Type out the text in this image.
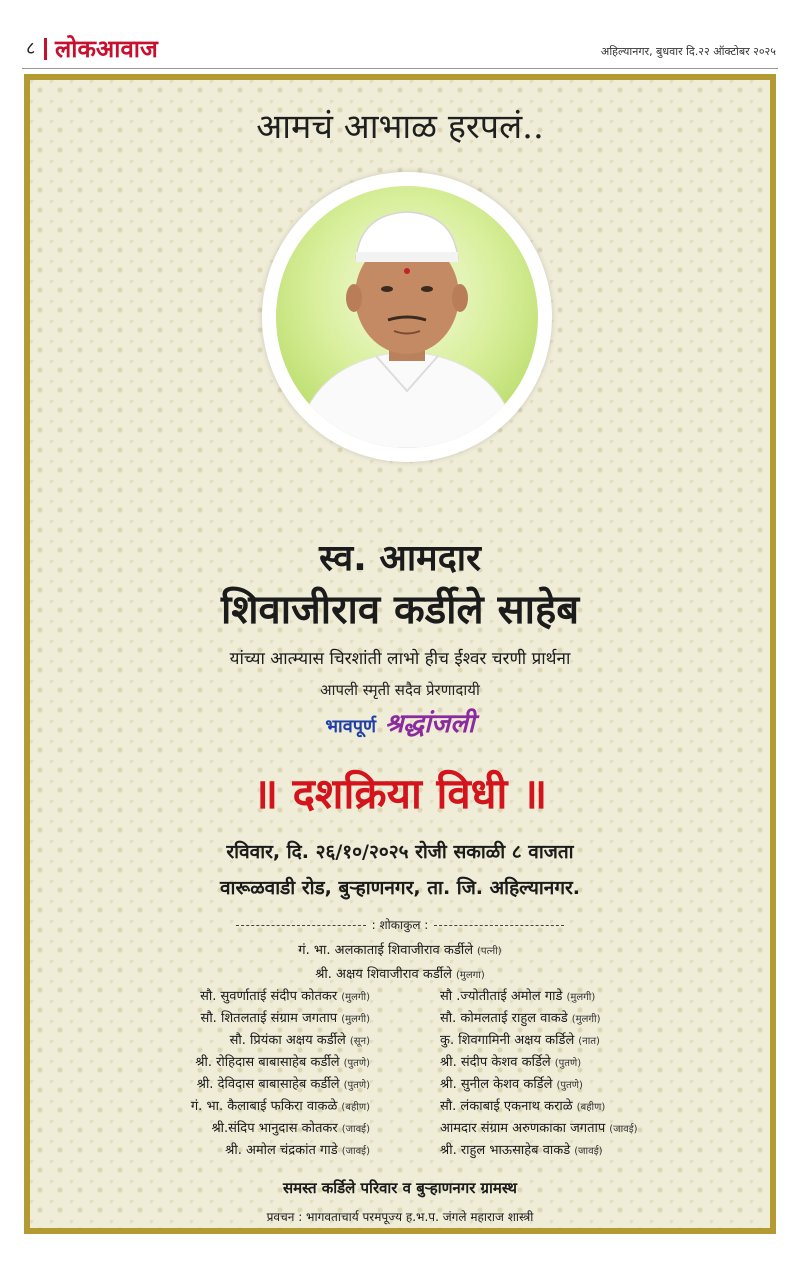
८ लोकआवाज	अहिल्यानगर, बुधवार दि.२२ ऑक्टोबर २०२५
आमचं आभाळ हरपलं..
स्व. आमदार
शिवाजीराव कर्डीले साहेब
यांच्या आत्म्यास चिरशांती लाभो हीच ईश्वर चरणी प्रार्थना
आपली स्मृती सदैव प्रेरणादायी
भावपूर्ण श्रद्धांजली
॥ दशक्रिया विधी ॥
रविवार, दि. २६/१०/२०२५ रोजी सकाळी ८ वाजता
वारूळवाडी रोड, बुऱ्हाणनगर, ता. जि. अहिल्यानगर.
: शोकाकुल :
गं. भा. अलकाताई शिवाजीराव कर्डीले (पत्नी)
श्री. अक्षय शिवाजीराव कर्डीले (मुलगा)
सौ. सुवर्णाताई संदीप कोतकर (मुलगी)
सौ. शितलताई संग्राम जगताप (मुलगी)
सौ. प्रियंका अक्षय कर्डीले (सून)
श्री. रोहिदास बाबासाहेब कर्डीले (पुतणे)
श्री. देविदास बाबासाहेब कर्डीले (पुतणे)
गं. भा. कैलाबाई फकिरा वाकळे (बहीण)
श्री.संदिप भानुदास कोतकर (जावई)
श्री. अमोल चंद्रकांत गाडे (जावई)
सौ .ज्योतीताई अमोल गाडे (मुलगी)
सौ. कोमलताई राहुल वाकडे (मुलगी)
कु. शिवगामिनी अक्षय कर्डिले (नात)
श्री. संदीप केशव कर्डिले (पुतणे)
श्री. सुनील केशव कर्डिले (पुतणे)
सौ. लंकाबाई एकनाथ कराळे (बहीण)
आमदार संग्राम अरुणकाका जगताप (जावई)
श्री. राहुल भाऊसाहेब वाकडे (जावई)
समस्त कर्डिले परिवार व बुऱ्हाणनगर ग्रामस्थ
प्रवचन : भागवताचार्य परमपूज्य ह.भ.प. जंगले महाराज शास्त्री
